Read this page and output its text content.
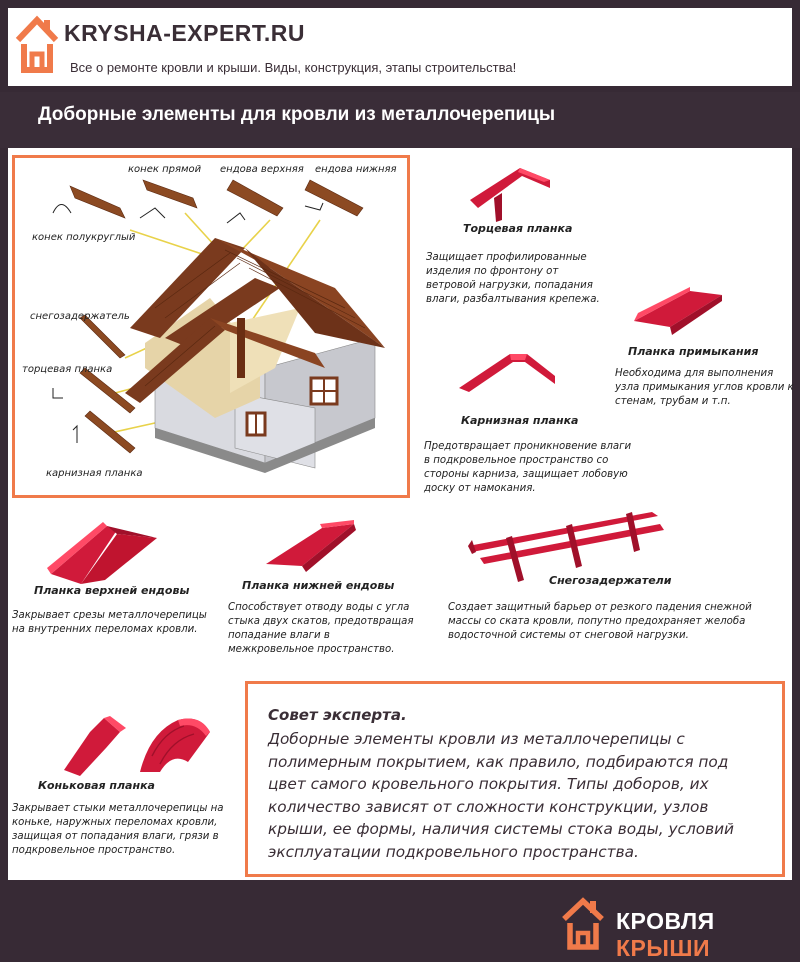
KRYSHA-EXPERT.RU
Все о ремонте кровли и крыши. Виды, конструкция, этапы строительства!
Доборные элементы для кровли из металлочерепицы
конек полукруглый
конек прямой ендова верхняя ендова нижняя
снегозадержатель
торцевая планка
карнизная планка
Торцевая планка
Защищает профилированные изделия по фронтону от ветровой нагрузки, попадания влаги, разбалтывания крепежа.
Планка примыкания
Необходима для выполнения узла примыкания углов кровли к стенам, трубам и т.п.
Карнизная планка
Предотвращает проникновение влаги в подкровельное пространство со стороны карниза, защищает лобовую доску от намокания.
Планка верхней ендовы
Закрывает срезы металлочерепицы на внутренних переломах кровли.
Планка нижней ендовы
Способствует отводу воды с угла стыка двух скатов, предотвращая попадание влаги в межкровельное пространство.
Снегозадержатели
Создает защитный барьер от резкого падения снежной массы со ската кровли, попутно предохраняет желоба водосточной системы от снеговой нагрузки.
Коньковая планка
Закрывает стыки металлочерепицы на коньке, наружных переломах кровли, защищая от попадания влаги, грязи в подкровельное пространство.
Совет эксперта.
Доборные элементы кровли из металлочерепицы с полимерным покрытием, как правило, подбираются под цвет самого кровельного покрытия. Типы доборов, их количество зависят от сложности конструкции, узлов крыши, ее формы, наличия системы стока воды, условий эксплуатации подкровельного пространства.
КРОВЛЯ КРЫШИ
